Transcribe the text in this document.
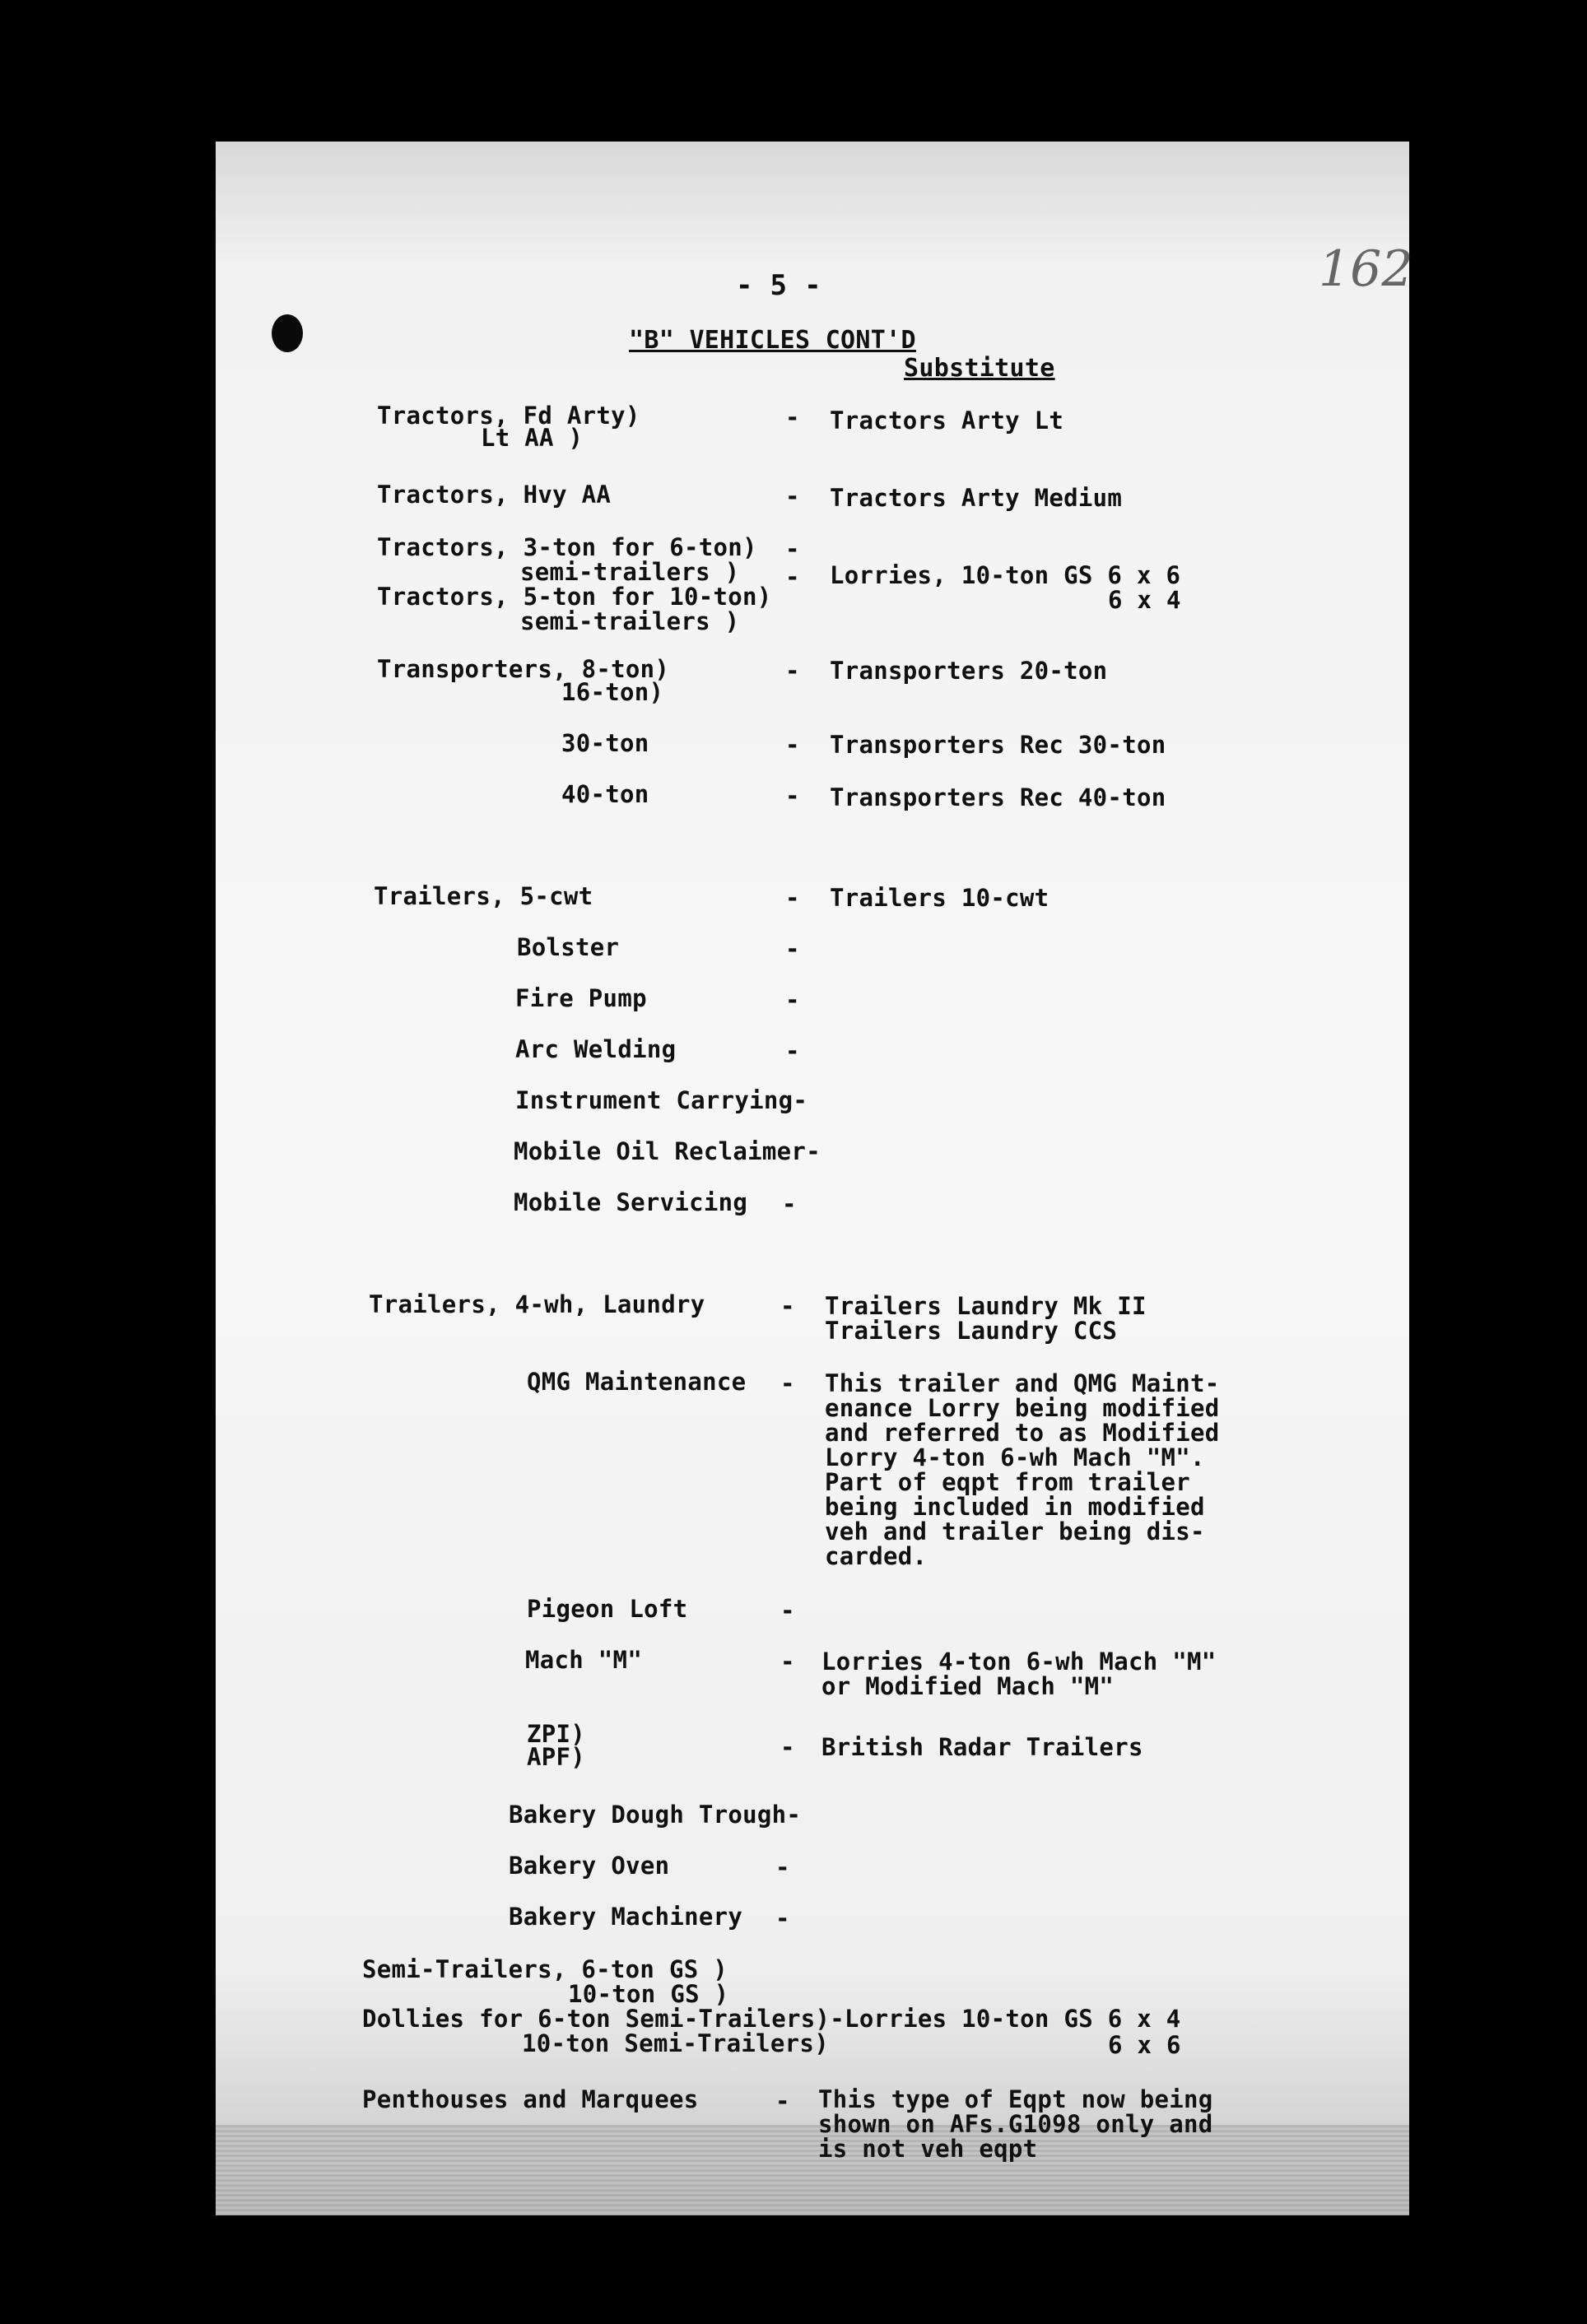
162
- 5 -
"B" VEHICLES CONT'D
Substitute
Tractors, Fd Arty)
Lt AA )
- Tractors Arty Lt
Tractors, Hvy AA	- Tractors Arty Medium
Tractors, 3-ton for 6-ton)
semi-trailers )
Tractors, 5-ton for 10-ton)
semi-trailers )
-
- Lorries, 10-ton GS 6 x 6
6 x 4
Transporters, 8-ton)
16-ton)
- Transporters 20-ton
30-ton	- Transporters Rec 30-ton
40-ton	- Transporters Rec 40-ton
Trailers, 5-cwt	- Trailers 10-cwt
Bolster	-
Fire Pump	-
Arc Welding	-
Instrument Carrying-
Mobile Oil Reclaimer-
Mobile Servicing -
Trailers, 4-wh, Laundry	- Trailers Laundry Mk II
Trailers Laundry CCS
QMG Maintenance - This trailer and QMG Maint-
enance Lorry being modified
and referred to as Modified
Lorry 4-ton 6-wh Mach "M".
Part of eqpt from trailer
being included in modified
veh and trailer being dis-
carded.
Pigeon Loft	-
Mach "M"	- Lorries 4-ton 6-wh Mach "M"
or Modified Mach "M"
ZPI)
APF)	- British Radar Trailers
Bakery Dough Trough-
Bakery Oven	-
Bakery Machinery -
Semi-Trailers, 6-ton GS )
10-ton GS )
Dollies for 6-ton Semi-Trailers)-Lorries 10-ton GS 6 x 4
10-ton Semi-Trailers)	6 x 6
Penthouses and Marquees	- This type of Eqpt now being
shown on AFs.G1098 only and
is not veh eqpt
